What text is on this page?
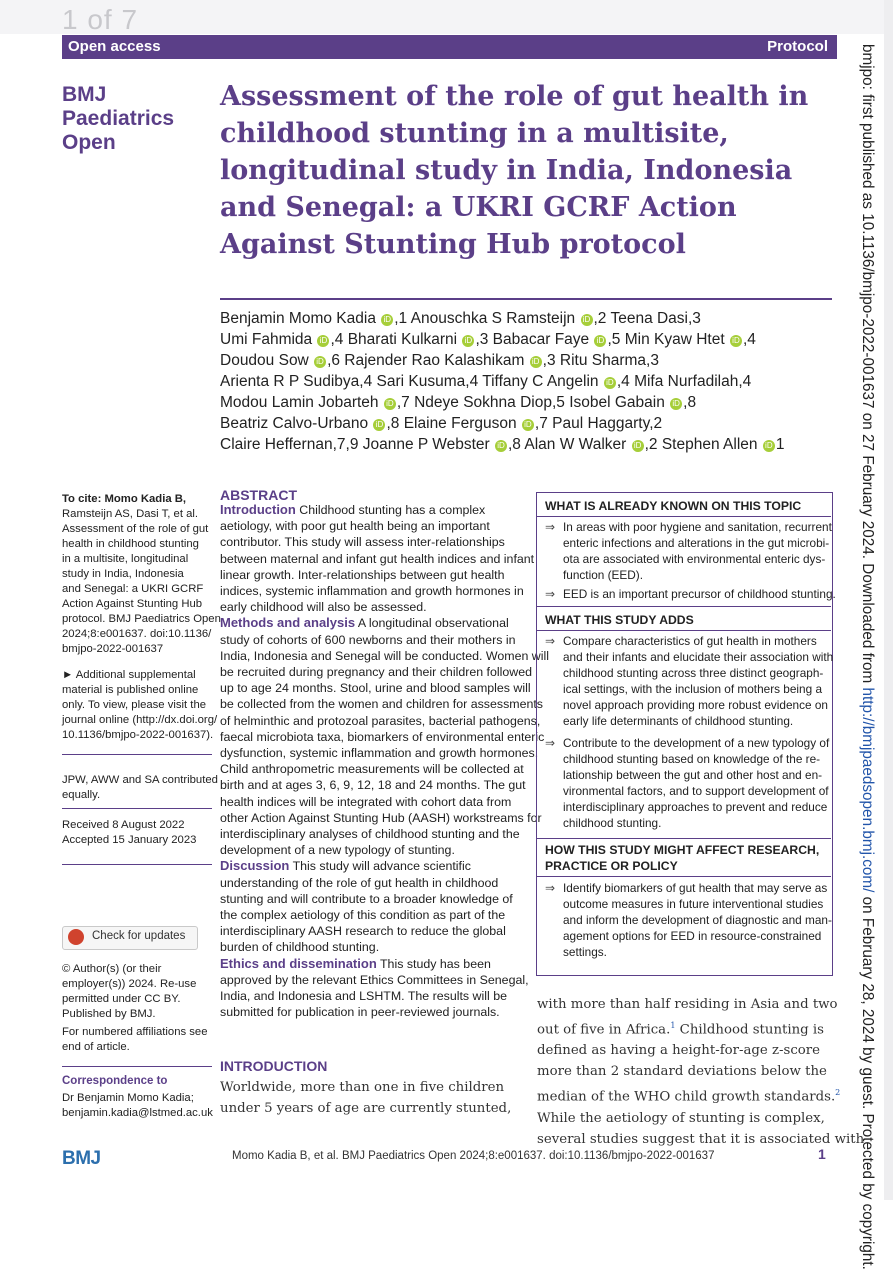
1 of 7
Open access	Protocol
BMJ
Paediatrics
Open
Assessment of the role of gut health in
childhood stunting in a multisite,
longitudinal study in India, Indonesia
and Senegal: a UKRI GCRF Action
Against Stunting Hub protocol
Benjamin Momo Kadia iD ,1 Anouschka S Ramsteijn iD ,2 Teena Dasi,3
Umi Fahmida iD ,4 Bharati Kulkarni iD ,3 Babacar Faye iD ,5 Min Kyaw Htet iD ,4
Doudou Sow iD ,6 Rajender Rao Kalashikam iD ,3 Ritu Sharma,3
Arienta R P Sudibya,4 Sari Kusuma,4 Tiffany C Angelin iD ,4 Mifa Nurfadilah,4
Modou Lamin Jobarteh iD ,7 Ndeye Sokhna Diop,5 Isobel Gabain iD ,8
Beatriz Calvo-Urbano iD ,8 Elaine Ferguson iD ,7 Paul Haggarty,2
Claire Heffernan,7,9 Joanne P Webster iD ,8 Alan W Walker iD ,2 Stephen Allen iD 1
To cite: Momo Kadia B,
Ramsteijn AS, Dasi T, et al.
Assessment of the role of gut
health in childhood stunting
in a multisite, longitudinal
study in India, Indonesia
and Senegal: a UKRI GCRF
Action Against Stunting Hub
protocol. BMJ Paediatrics Open
2024;8:e001637. doi:10.1136/
bmjpo-2022-001637
► Additional supplemental
material is published online
only. To view, please visit the
journal online (http://dx.doi.org/
10.1136/bmjpo-2022-001637).
JPW, AWW and SA contributed
equally.
Received 8 August 2022
Accepted 15 January 2023
Check for updates
© Author(s) (or their
employer(s)) 2024. Re-use
permitted under CC BY.
Published by BMJ.
For numbered affiliations see
end of article.
Correspondence to
Dr Benjamin Momo Kadia;
benjamin.kadia@lstmed.ac.uk
BMJ
ABSTRACT
Introduction Childhood stunting has a complex
aetiology, with poor gut health being an important
contributor. This study will assess inter-relationships
between maternal and infant gut health indices and infant
linear growth. Inter-relationships between gut health
indices, systemic inflammation and growth hormones in
early childhood will also be assessed.
Methods and analysis A longitudinal observational
study of cohorts of 600 newborns and their mothers in
India, Indonesia and Senegal will be conducted. Women will
be recruited during pregnancy and their children followed
up to age 24 months. Stool, urine and blood samples will
be collected from the women and children for assessments
of helminthic and protozoal parasites, bacterial pathogens,
faecal microbiota taxa, biomarkers of environmental enteric
dysfunction, systemic inflammation and growth hormones.
Child anthropometric measurements will be collected at
birth and at ages 3, 6, 9, 12, 18 and 24 months. The gut
health indices will be integrated with cohort data from
other Action Against Stunting Hub (AASH) workstreams for
interdisciplinary analyses of childhood stunting and the
development of a new typology of stunting.
Discussion This study will advance scientific
understanding of the role of gut health in childhood
stunting and will contribute to a broader knowledge of
the complex aetiology of this condition as part of the
interdisciplinary AASH research to reduce the global
burden of childhood stunting.
Ethics and dissemination This study has been
approved by the relevant Ethics Committees in Senegal,
India, and Indonesia and LSHTM. The results will be
submitted for publication in peer-reviewed journals.
INTRODUCTION
Worldwide, more than one in five children
under 5 years of age are currently stunted,
with more than half residing in Asia and two
out of five in Africa.$^1$ Childhood stunting is
defined as having a height-for-age z-score
more than 2 standard deviations below the
median of the WHO child growth standards.$^2$
While the aetiology of stunting is complex,
several studies suggest that it is associated with
WHAT IS ALREADY KNOWN ON THIS TOPIC
⇒ In areas with poor hygiene and sanitation, recurrent
enteric infections and alterations in the gut microbi-
ota are associated with environmental enteric dys-
function (EED).
⇒ EED is an important precursor of childhood stunting.
WHAT THIS STUDY ADDS
⇒ Compare characteristics of gut health in mothers
and their infants and elucidate their association with
childhood stunting across three distinct geograph-
ical settings, with the inclusion of mothers being a
novel approach providing more robust evidence on
early life determinants of childhood stunting.
⇒ Contribute to the development of a new typology of
childhood stunting based on knowledge of the re-
lationship between the gut and other host and en-
vironmental factors, and to support development of
interdisciplinary approaches to prevent and reduce
childhood stunting.
HOW THIS STUDY MIGHT AFFECT RESEARCH,
PRACTICE OR POLICY
⇒ Identify biomarkers of gut health that may serve as
outcome measures in future interventional studies
and inform the development of diagnostic and man-
agement options for EED in resource-constrained
settings.
Momo Kadia B, et al. BMJ Paediatrics Open 2024;8:e001637. doi:10.1136/bmjpo-2022-001637	1
bmjpo: first published as 10.1136/bmjpo-2022-001637 on 27 February 2024. Downloaded from http://bmjpaedsopen.bmj.com/ on February 28, 2024 by guest. Protected by copyright.
